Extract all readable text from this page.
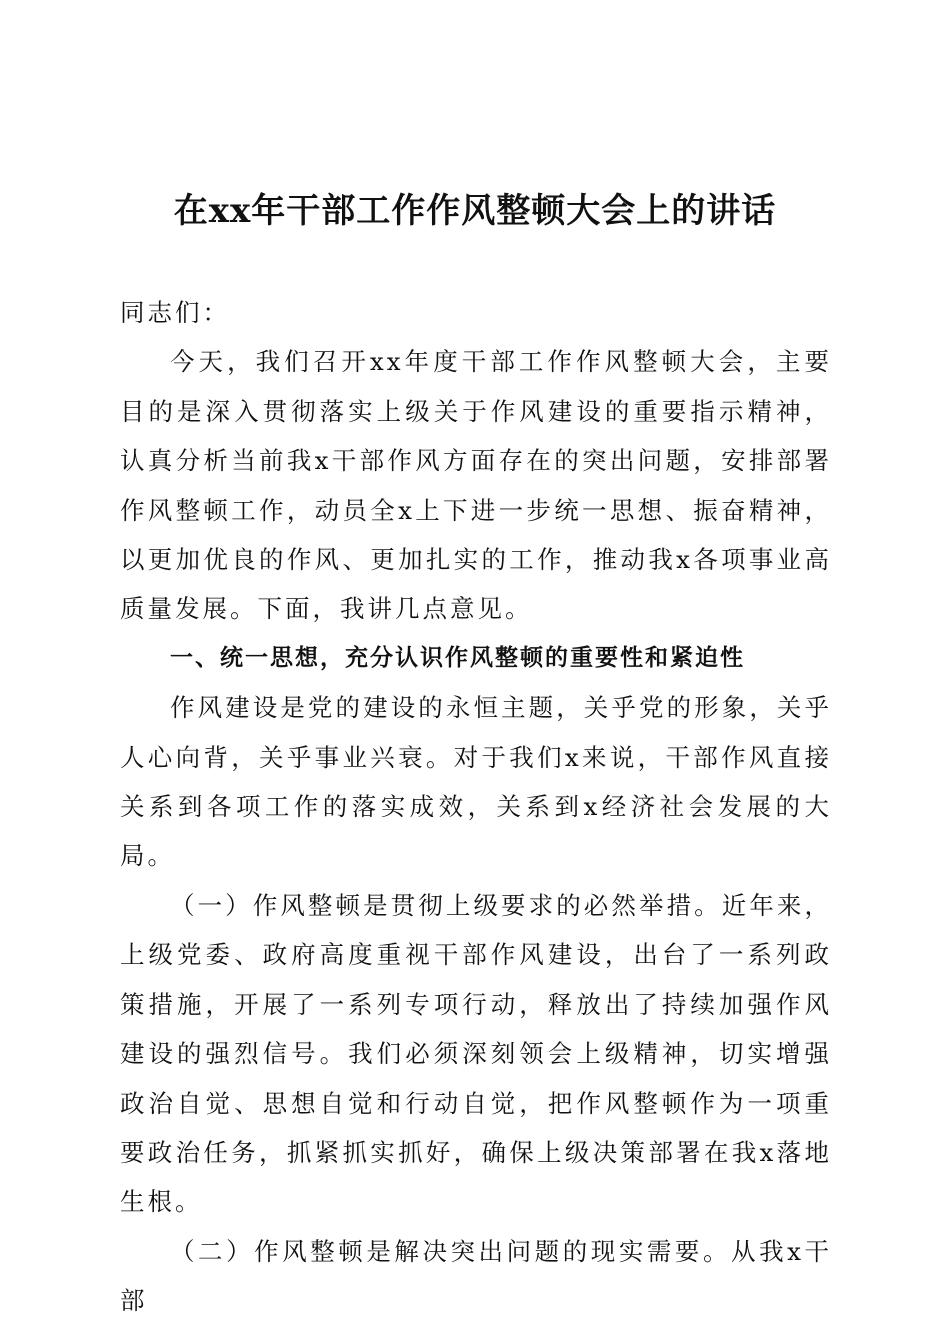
在xx年干部工作作风整顿大会上的讲话

同志们：

今天，我们召开xx年度干部工作作风整顿大会，主要目的是深入贯彻落实上级关于作风建设的重要指示精神，认真分析当前我x干部作风方面存在的突出问题，安排部署作风整顿工作，动员全x上下进一步统一思想、振奋精神，以更加优良的作风、更加扎实的工作，推动我x各项事业高质量发展。下面，我讲几点意见。

一、统一思想，充分认识作风整顿的重要性和紧迫性

作风建设是党的建设的永恒主题，关乎党的形象，关乎人心向背，关乎事业兴衰。对于我们x来说，干部作风直接关系到各项工作的落实成效，关系到x经济社会发展的大局。

（一）作风整顿是贯彻上级要求的必然举措。近年来，上级党委、政府高度重视干部作风建设，出台了一系列政策措施，开展了一系列专项行动，释放出了持续加强作风建设的强烈信号。我们必须深刻领会上级精神，切实增强政治自觉、思想自觉和行动自觉，把作风整顿作为一项重要政治任务，抓紧抓实抓好，确保上级决策部署在我x落地生根。

（二）作风整顿是解决突出问题的现实需要。从我x干部
